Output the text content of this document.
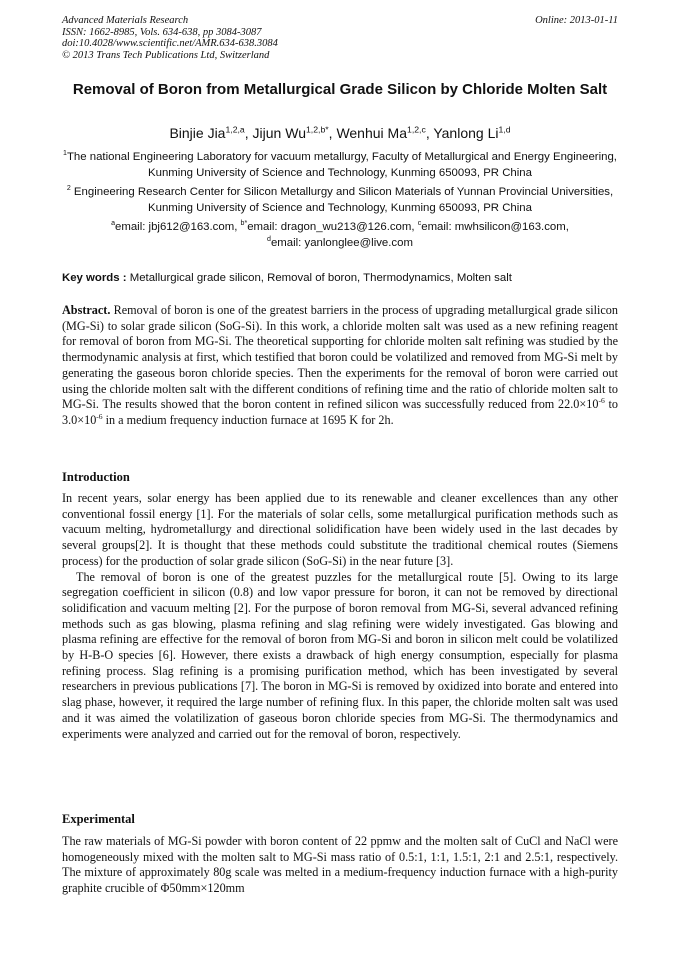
Advanced Materials Research
ISSN: 1662-8985, Vols. 634-638, pp 3084-3087
doi:10.4028/www.scientific.net/AMR.634-638.3084
© 2013 Trans Tech Publications Ltd, Switzerland
Online: 2013-01-11
Removal of Boron from Metallurgical Grade Silicon by Chloride Molten Salt
Binjie Jia$^{1,2,a}$, Jijun $Wu^{1,2,b*}$, Wenhui Ma$^{1,2,c}$, Yanlong Li$^{1,d}$
$^1$The national Engineering Laboratory for vacuum metallurgy, Faculty of Metallurgical and Energy Engineering, Kunming University of Science and Technology, Kunming 650093, PR China
$^2$ Engineering Research Center for Silicon Metallurgy and Silicon Materials of Yunnan Provincial Universities, Kunming University of Science and Technology, Kunming 650093, PR China
$^a$email: jbj612@163.com, $^{b*}$email: dragon_wu213@126.com, $^c$email: mwhsilicon@163.com,
$^d$email: yanlonglee@live.com
Key words : Metallurgical grade silicon, Removal of boron, Thermodynamics, Molten salt

Abstract. Removal of boron is one of the greatest barriers in the process of upgrading metallurgical grade silicon (MG-Si) to solar grade silicon (SoG-Si). In this work, a chloride molten salt was used as a new refining reagent for removal of boron from MG-Si. The theoretical supporting for chloride molten salt refining was studied by the thermodynamic analysis at first, which testified that boron could be volatilized and removed from MG-Si melt by generating the gaseous boron chloride species. Then the experiments for the removal of boron were carried out using the chloride molten salt with the different conditions of refining time and the ratio of chloride molten salt to MG-Si. The results showed that the boron content in refined silicon was successfully reduced from $22.0\times 10^{-6}$ to $3.0\times 10^{-6}$ in a medium frequency induction furnace at 1695 K for 2h.

Introduction

In recent years, solar energy has been applied due to its renewable and cleaner excellences than any other conventional fossil energy [1]. For the materials of solar cells, some metallurgical purification methods such as vacuum melting, hydrometallurgy and directional solidification have been widely used in the last decades by several groups[2]. It is thought that these methods could substitute the traditional chemical routes (Siemens process) for the production of solar grade silicon (SoG-Si) in the near future [3].

The removal of boron is one of the greatest puzzles for the metallurgical route [5]. Owing to its large segregation coefficient in silicon (0.8) and low vapor pressure for boron, it can not be removed by directional solidification and vacuum melting [2]. For the purpose of boron removal from MG-Si, several advanced refining methods such as gas blowing, plasma refining and slag refining were widely investigated. Gas blowing and plasma refining are effective for the removal of boron from MG-Si and boron in silicon melt could be volatilized by H-B-O species [6]. However, there exists a drawback of high energy consumption, especially for plasma refining process. Slag refining is a promising purification method, which has been investigated by several researchers in previous publications [7]. The boron in MG-Si is removed by oxidized into borate and entered into slag phase, however, it required the large number of refining flux. In this paper, the chloride molten salt was used and it was aimed the volatilization of gaseous boron chloride species from MG-Si. The thermodynamics and experiments were analyzed and carried out for the removal of boron, respectively.

Experimental

The raw materials of MG-Si powder with boron content of 22 ppmw and the molten salt of CuCl and NaCl were homogeneously mixed with the molten salt to MG-Si mass ratio of 0.5:1, 1:1, 1.5:1, 2:1 and 2.5:1, respectively. The mixture of approximately 80g scale was melted in a medium-frequency induction furnace with a high-purity graphite crucible of Φ50mm×120mm
